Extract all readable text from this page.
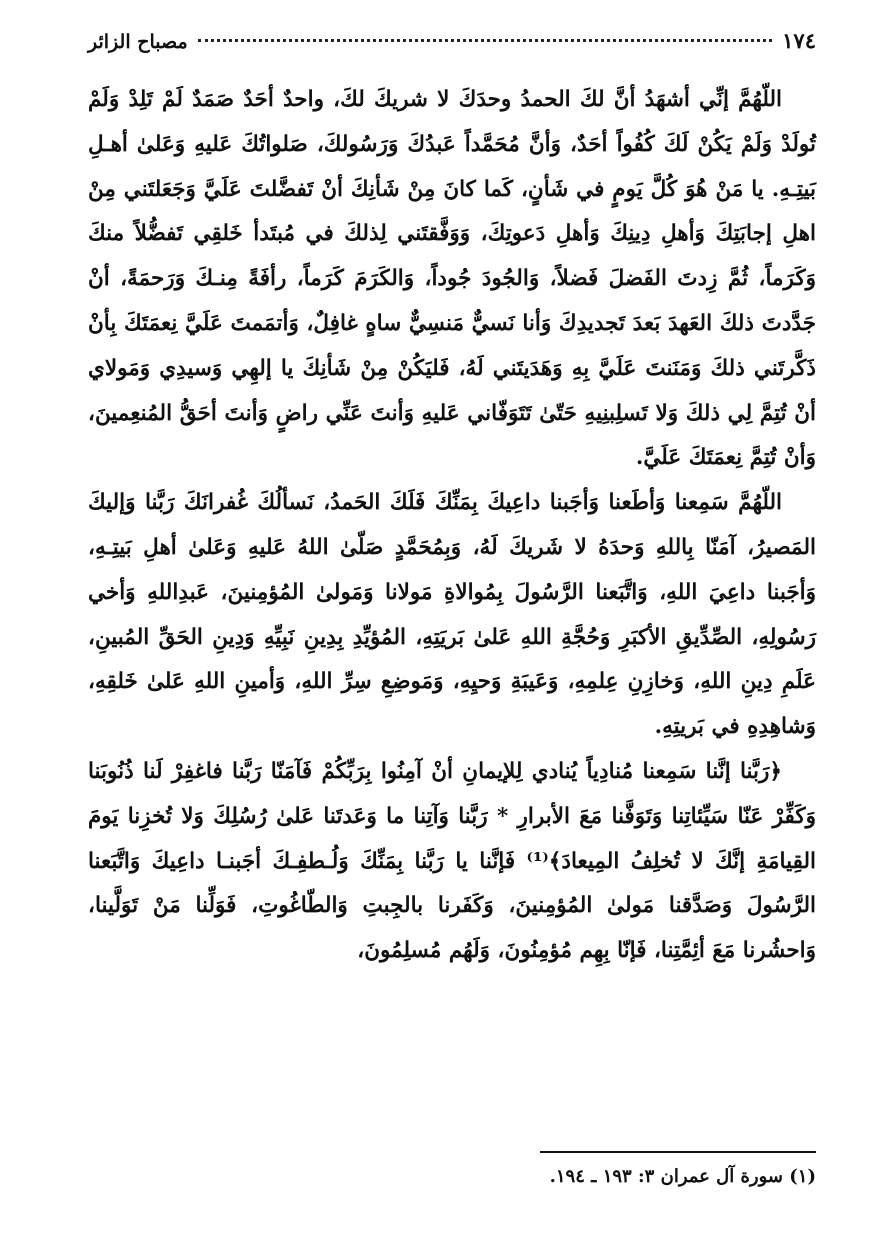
١٧٤
مصباح الزائر

اللّهُمَّ إنِّي أشهَدُ أنَّ لكَ الحمدُ وحدَكَ لا شريكَ لكَ، واحدٌ أحَدٌ صَمَدٌ لَمْ تَلِدْ وَلَمْ تُولَدْ وَلَمْ يَكُنْ لَكَ كُفُواً أحَدٌ، وَأنَّ مُحَمَّداً عَبدُكَ وَرَسُولكَ، صَلواتُكَ عَليهِ وَعَلىٰ أهـلِ بَيتِـهِ. يا مَنْ هُوَ كُلَّ يَومٍ في شَأنٍ، كَما كانَ مِنْ شَأنِكَ أنْ تَفضَّلتَ عَلَيَّ وَجَعَلتَني مِنْ اهلِ إجابَتِكَ وَأهلِ دِينِكَ وَأهلِ دَعوتِكَ، وَوَفَّقتَني لِذلكَ في مُبتَدأ خَلقِي تَفضُّلاً منكَ وَكَرَماً، ثُمَّ زِدتَ الفَضلَ فَضلاً، وَالجُودَ جُوداً، وَالكَرَمَ كَرَماً، رأفَةً مِنـكَ وَرَحمَةً، أنْ جَدَّدتَ ذلكَ العَهدَ بَعدَ تَجديدِكَ وَأنا نَسيٌّ مَنسِيٌّ ساهٍ غافِلٌ، وَأتمَمتَ عَلَيَّ نِعمَتَكَ بِأنْ ذَكَّرتَني ذلكَ وَمَنَنتَ عَلَيَّ بِهِ وَهَدَيتَني لَهُ، فَليَكُنْ مِنْ شَأنِكَ يا إلهِي وَسيدِي وَمَولاي أنْ تُتِمَّ لِي ذلكَ وَلا تَسلِبنِيهِ حَتّىٰ تَتَوَفّاني عَليهِ وَأنتَ عَنِّي راضٍ وَأنتَ أحَقُّ المُنعِمينَ، وَأنْ تُتِمَّ نِعمَتَكَ عَلَيَّ.

اللّهُمَّ سَمِعنا وَأطَعنا وَأجَبنا داعِيكَ بِمَنِّكَ فَلَكَ الحَمدُ، نَسألُكَ غُفرانَكَ رَبَّنا وَإليكَ المَصيرُ، آمَنّا بِاللهِ وَحدَهُ لا شَريكَ لَهُ، وَبِمُحَمَّدٍ صَلّىٰ اللهُ عَليهِ وَعَلىٰ أهلِ بَيتِـهِ، وَأجَبنا داعِيَ اللهِ، وَاتَّبَعنا الرَّسُولَ بِمُوالاةِ مَولانا وَمَولىٰ المُؤمِنينَ، عَبدِاللهِ وَأخي رَسُولِهِ، الصِّدِّيقِ الأكبَرِ وَحُجَّةِ اللهِ عَلىٰ بَريَتِهِ، المُؤيِّدِ بِدِينِ نَبِيِّهِ وَدِينِ الحَقِّ المُبينِ، عَلَمِ دِينِ اللهِ، وَخازِنِ عِلمِهِ، وَعَيبَةِ وَحيِهِ، وَمَوضِعِ سِرِّ اللهِ، وَأمينِ اللهِ عَلىٰ خَلقِهِ، وَشاهِدِهِ في بَريتِهِ.

﴿رَبَّنا إنَّنا سَمِعنا مُنادِياً يُنادي لِلإيمانِ أنْ آمِنُوا بِرَبِّكُمْ فَآمَنّا رَبَّنا فاغفِرْ لَنا ذُنُوبَنا وَكَفِّرْ عَنّا سَيِّئاتِنا وَتَوَفَّنا مَعَ الأبرارِ * رَبَّنا وَآتِنا ما وَعَدتَنا عَلىٰ رُسُلِكَ وَلا تُخزِنا يَومَ القِيامَةِ إنَّكَ لا تُخلِفُ المِيعادَ﴾⁽¹⁾ فَإنَّنا يا رَبَّنا بِمَنِّكَ وَلُـطفِـكَ أجَبنـا داعِيكَ وَاتَّبَعنا الرَّسُولَ وَصَدَّقنا مَولىٰ المُؤمِنينَ، وَكَفَرنا بالجِبتِ وَالطّاغُوتِ، فَوَلِّنا مَنْ تَوَلَّينا، وَاحشُرنا مَعَ أئِمَّتِنا، فَإنّا بِهِم مُؤمِنُونَ، وَلَهُم مُسلِمُونَ،

(١) سورة آل عمران ٣: ١٩٣ ـ ١٩٤.
